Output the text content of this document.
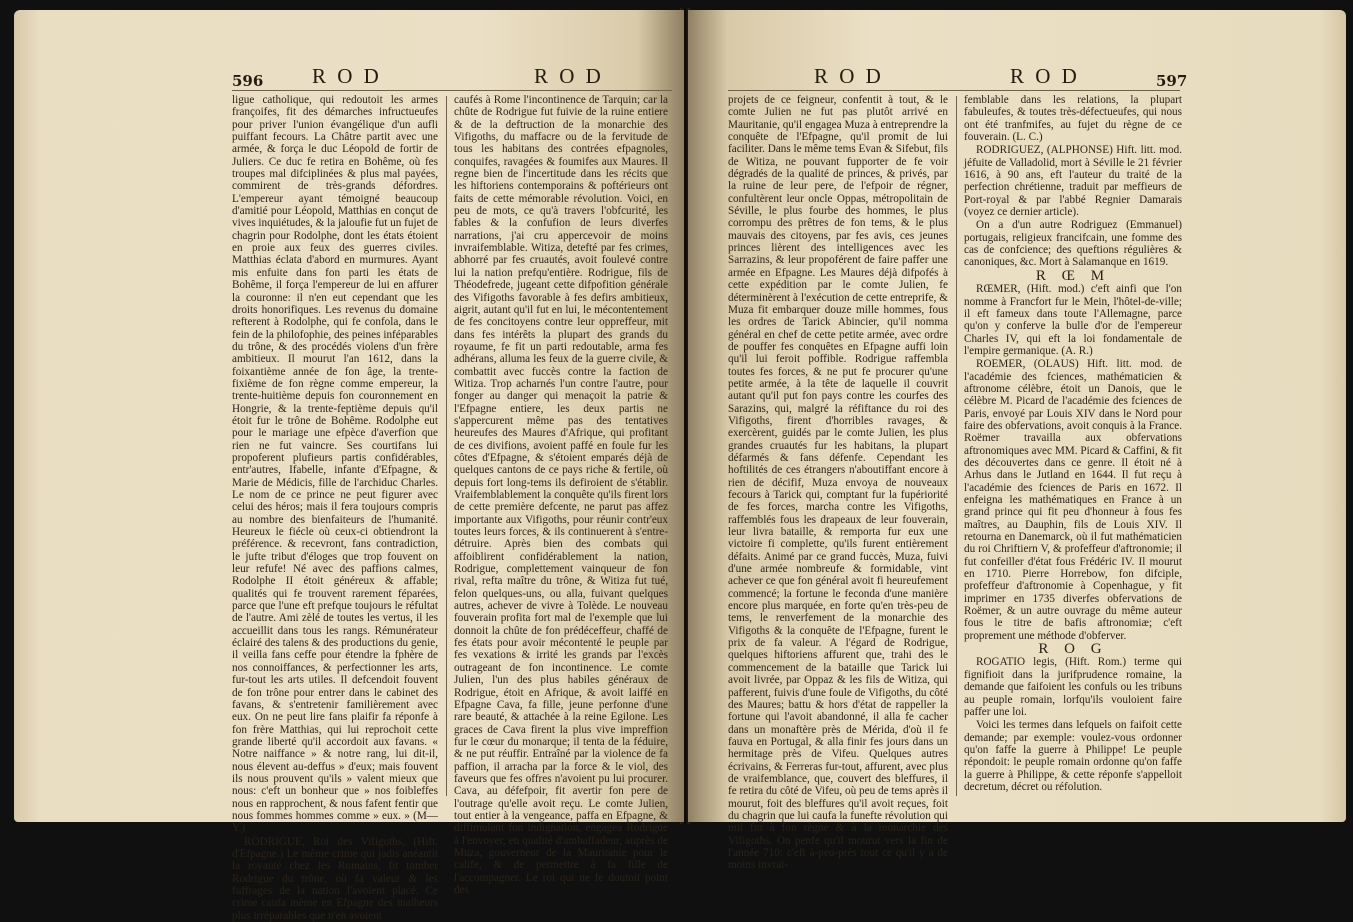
596 R O D	R O D

ligue catholique, qui redoutoit les armes françoifes, fit des démarches infructueufes pour priver l'union évangélique d'un aufli puiffant fecours. La Châtre partit avec une armée, & força le duc Léopold de fortir de Juliers. Ce duc fe retira en Bohême, où fes troupes mal difciplinées & plus mal payées, commirent de très-grands défordres. L'empereur ayant témoigné beaucoup d'amitié pour Léopold, Matthias en conçut de vives inquiétudes, & la jaloufie fut un fujet de chagrin pour Rodolphe, dont les états étoient en proie aux feux des guerres civiles. Matthias éclata d'abord en murmures. Ayant mis enfuite dans fon parti les états de Bohême, il força l'empereur de lui en affurer la couronne: il n'en eut cependant que les droits honorifiques. Les revenus du domaine refterent à Rodolphe, qui fe confola, dans le fein de la philofophie, des peines inféparables du trône, & des procédés violens d'un frère ambitieux. Il mourut l'an 1612, dans la foixantième année de fon âge, la trente-fixième de fon règne comme empereur, la trente-huitième depuis fon couronnement en Hongrie, & la trente-feptième depuis qu'il étoit fur le trône de Bohême. Rodolphe eut pour le mariage une efpèce d'averfion que rien ne fut vaincre. Ses courtifans lui propoferent plufieurs partis confidérables, entr'autres, Ifabelle, infante d'Efpagne, & Marie de Médicis, fille de l'archiduc Charles. Le nom de ce prince ne peut figurer avec celui des héros; mais il fera toujours compris au nombre des bienfaiteurs de l'humanité. Heureux le fiécle où ceux-ci obtiendront la préférence. & recevront, fans contradiction, le jufte tribut d'éloges que trop fouvent on leur refufe! Né avec des paffions calmes, Rodolphe II étoit généreux & affable; qualités qui fe trouvent rarement féparées, parce que l'une eft prefque toujours le réfultat de l'autre. Ami zèlé de toutes les vertus, il les accueillit dans tous les rangs. Rémunérateur éclairé des talens & des productions du genie, il veilla fans ceffe pour étendre la fphère de nos connoiffances, & perfectionner les arts, fur-tout les arts utiles. Il defcendoit fouvent de fon trône pour entrer dans le cabinet des favans, & s'entretenir familièrement avec eux. On ne peut lire fans plaifir fa réponfe à fon frère Matthias, qui lui reprochoit cette grande liberté qu'il accordoit aux favans. « Notre naiffance » & notre rang, lui dit-il, nous élevent au-deffus » d'eux; mais fouvent ils nous prouvent qu'ils » valent mieux que nous: c'eft un bonheur que » nos foibleffes nous en rapprochent, & nous fafent fentir que nous fommes hommes comme » eux. » (M—Y.)

RODRIGUE, Roi des Vifigoths, (Hift. d'Efpagne.) Le même crime qui jadis anéantit la royauté chez les Romains, fit tomber Rodrigue du trône, où fa valeur & les fuffrages de la nation l'avoient placé. Ce crime caufa même en Efpagne des malheurs plus irréparables que n'en avoient

caufés à Rome l'incontinence de Tarquin; car la chûte de Rodrigue fut fuivie de la ruine entiere & de la deftruction de la monarchie des Vifigoths, du maffacre ou de la fervitude de tous les habitans des contrées efpagnoles, conquifes, ravagées & foumifes aux Maures. Il regne bien de l'incertitude dans les récits que les hiftoriens contemporains & poftérieurs ont faits de cette mémorable révolution. Voici, en peu de mots, ce qu'à travers l'obfcurité, les fables & la confufion de leurs diverfes narrations, j'ai cru appercevoir de moins invraifemblable. Witiza, detefté par fes crimes, abhorré par fes cruautés, avoit foulevé contre lui la nation prefqu'entière. Rodrigue, fils de Théodefrede, jugeant cette difpofition générale des Vifigoths favorable à fes defirs ambitieux, aigrit, autant qu'il fut en lui, le mécontentement de fes concitoyens contre leur oppreffeur, mit dans fes intérêts la plupart des grands du royaume, fe fit un parti redoutable, arma fes adhérans, alluma les feux de la guerre civile, & combattit avec fuccès contre la faction de Witiza. Trop acharnés l'un contre l'autre, pour fonger au danger qui menaçoit la patrie & l'Efpagne entiere, les deux partis ne s'appercurent même pas des tentatives heureufes des Maures d'Afrique, qui profitant de ces divifions, avoient paffé en foule fur les côtes d'Efpagne, & s'étoient emparés déjà de quelques cantons de ce pays riche & fertile, où depuis fort long-tems ils defiroient de s'établir. Vraifemblablement la conquête qu'ils firent lors de cette première defcente, ne parut pas affez importante aux Vifigoths, pour réunir contr'eux toutes leurs forces, & ils continuerent à s'entre-détruire. Après bien des combats qui affoiblirent confidérablement la nation, Rodrigue, complettement vainqueur de fon rival, refta maître du trône, & Witiza fut tué, felon quelques-uns, ou alla, fuivant quelques autres, achever de vivre à Tolède. Le nouveau fouverain profita fort mal de l'exemple que lui donnoit la chûte de fon prédéceffeur, chaffé de fes états pour avoir mécontenté le peuple par fes vexations & irrité les grands par l'excès outrageant de fon incontinence. Le comte Julien, l'un des plus habiles généraux de Rodrigue, étoit en Afrique, & avoit laiffé en Efpagne Cava, fa fille, jeune perfonne d'une rare beauté, & attachée à la reine Egilone. Les graces de Cava firent la plus vive impreffion fur le cœur du monarque; il tenta de la féduire, & ne put réuffir. Entraîné par la violence de fa paffion, il arracha par la force & le viol, des faveurs que fes offres n'avoient pu lui procurer. Cava, au défefpoir, fit avertir fon pere de l'outrage qu'elle avoit reçu. Le comte Julien, tout entier à la vengeance, paffa en Efpagne, & diffimulant fon indignation, engagea Rodrigue à l'envoyer, en qualité d'ambaffadeur, auprès de Muza, gouverneur de la Mauritanie pour le calife, & de permettre à fa fille de l'accompagner. Le roi qui ne fe doutoit point des

R O D	R O D	597

projets de ce feigneur, confentit à tout, & le comte Julien ne fut pas plutôt arrivé en Mauritanie, qu'il engagea Muza à entreprendre la conquête de l'Efpagne, qu'il promit de lui faciliter. Dans le même tems Evan & Sifebut, fils de Witiza, ne pouvant fupporter de fe voir dégradés de la qualité de princes, & privés, par la ruine de leur pere, de l'efpoir de régner, confultèrent leur oncle Oppas, métropolitain de Séville, le plus fourbe des hommes, le plus corrompu des prêtres de fon tems, & le plus mauvais des citoyens, par fes avis, ces jeunes princes lièrent des intelligences avec les Sarrazins, & leur propoférent de faire paffer une armée en Efpagne. Les Maures déjà difpofés à cette expédition par le comte Julien, fe déterminèrent à l'exécution de cette entreprife, & Muza fit embarquer douze mille hommes, fous les ordres de Tarick Abincier, qu'il nomma général en chef de cette petite armée, avec ordre de pouffer fes conquêtes en Efpagne auffi loin qu'il lui feroit poffible. Rodrigue raffembla toutes fes forces, & ne put fe procurer qu'une petite armée, à la tête de laquelle il couvrit autant qu'il put fon pays contre les courfes des Sarazins, qui, malgré la réfiftance du roi des Vifigoths, firent d'horribles ravages, & exercèrent, guidés par le comte Julien, les plus grandes cruautés fur les habitans, la plupart défarmés & fans défenfe. Cependant les hoftilités de ces étrangers n'aboutiffant encore à rien de décifif, Muza envoya de nouveaux fecours à Tarick qui, comptant fur la fupériorité de fes forces, marcha contre les Vifigoths, raffemblés fous les drapeaux de leur fouverain, leur livra bataille, & remporta fur eux une victoire fi complette, qu'ils furent entièrement défaits. Animé par ce grand fuccès, Muza, fuivi d'une armée nombreufe & formidable, vint achever ce que fon général avoit fi heureufement commencé; la fortune le feconda d'une manière encore plus marquée, en forte qu'en très-peu de tems, le renverfement de la monarchie des Vifigoths & la conquête de l'Efpagne, furent le prix de fa valeur. A l'égard de Rodrigue, quelques hiftoriens affurent que, trahi des le commencement de la bataille que Tarick lui avoit livrée, par Oppaz & les fils de Witiza, qui pafferent, fuivis d'une foule de Vifigoths, du côté des Maures; battu & hors d'état de rappeller la fortune qui l'avoit abandonné, il alla fe cacher dans un monaftère près de Mérida, d'où il fe fauva en Portugal, & alla finir fes jours dans un hermitage près de Vifeu. Quelques autres écrivains, & Ferreras fur-tout, affurent, avec plus de vraifemblance, que, couvert des bleffures, il fe retira du côté de Vifeu, où peu de tems après il mourut, foit des bleffures qu'il avoit reçues, foit du chagrin que lui caufa la funefte révolution qui mit fin à fon règne & à la monarchie des Vifigoths. On penfe qu'il mourut vers la fin de l'année 710: c'eft à-peu-près tout ce qu'il y a de moins invrai-

femblable dans les relations, la plupart fabuleufes, & toutes très-défectueufes, qui nous ont été tranfmifes, au fujet du règne de ce fouverain. (L. C.)

RODRIGUEZ, (ALPHONSE) Hift. litt. mod. jéfuite de Valladolid, mort à Séville le 21 février 1616, à 90 ans, eft l'auteur du traité de la perfection chrétienne, traduit par meffieurs de Port-royal & par l'abbé Regnier Damarais (voyez ce dernier article).

On a d'un autre Rodriguez (Emmanuel) portugais, religieux francifcain, une fomme des cas de confcience; des queftions régulières & canoniques, &c. Mort à Salamanque en 1619.

R Œ M

RŒMER, (Hift. mod.) c'eft ainfi que l'on nomme à Francfort fur le Mein, l'hôtel-de-ville; il eft fameux dans toute l'Allemagne, parce qu'on y conferve la bulle d'or de l'empereur Charles IV, qui eft la loi fondamentale de l'empire germanique. (A. R.)

ROEMER, (OLAUS) Hift. litt. mod. de l'académie des fciences, mathématicien & aftronome célèbre, étoit un Danois, que le célèbre M. Picard de l'académie des fciences de Paris, envoyé par Louis XIV dans le Nord pour faire des obfervations, avoit conquis à la France. Roëmer travailla aux obfervations aftronomiques avec MM. Picard & Caffini, & fit des découvertes dans ce genre. Il étoit né à Arhus dans le Jutland en 1644. Il fut reçu à l'académie des fciences de Paris en 1672. Il enfeigna les mathématiques en France à un grand prince qui fit peu d'honneur à fous fes maîtres, au Dauphin, fils de Louis XIV. Il retourna en Danemarck, où il fut mathématicien du roi Chriftiern V, & profeffeur d'aftronomie; il fut confeiller d'état fous Frédéric IV. Il mourut en 1710. Pierre Horrebow, fon difciple, profeffeur d'aftronomie à Copenhague, y fit imprimer en 1735 diverfes obfervations de Roëmer, & un autre ouvrage du même auteur fous le titre de bafis aftronomiæ; c'eft proprement une méthode d'obferver.

R O G

ROGATIO legis, (Hift. Rom.) terme qui fignifioit dans la jurifprudence romaine, la demande que faifoient les confuls ou les tribuns au peuple romain, lorfqu'ils vouloient faire paffer une loi.

Voici les termes dans lefquels on faifoit cette demande; par exemple: voulez-vous ordonner qu'on faffe la guerre à Philippe! Le peuple répondoit: le peuple romain ordonne qu'on faffe la guerre à Philippe, & cette réponfe s'appelloit decretum, décret ou réfolution.
